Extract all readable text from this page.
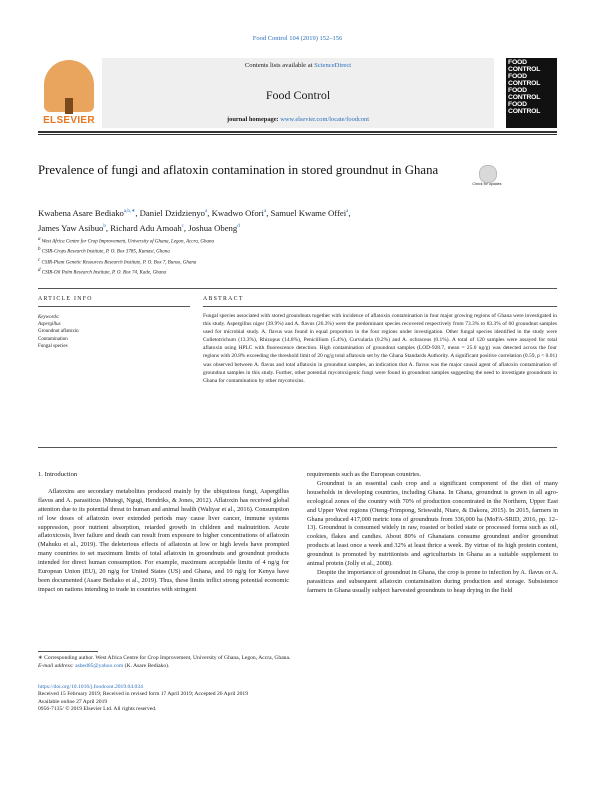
Food Control 104 (2019) 152–156
ELSEVIER
Contents lists available at ScienceDirect
Food Control
journal homepage: www.elsevier.com/locate/foodcont
FOOD
CONTROL
FOOD
CONTROL
FOOD
CONTROL
FOOD
CONTROL
Prevalence of fungi and aflatoxin contamination in stored groundnut in Ghana
Check for updates
Kwabena Asare Bediako$^{a,b,∗}$, Daniel Dzidzienyo$^a$, Kwadwo Ofori$^a$, Samuel Kwame Offei$^a$,
James Yaw Asibuo$^b$, Richard Adu Amoah$^c$, Joshua Obeng$^d$
$^a$ West Africa Centre for Crop Improvement, University of Ghana, Legon, Accra, Ghana
$^b$ CSIR-Crops Research Institute, P. O. Box 3785, Kumasi, Ghana
$^c$ CSIR-Plant Genetic Resources Research Institute, P. O. Box 7, Bunso, Ghana
$^d$ CSIR-Oil Palm Research Institute, P. O. Box 74, Kade, Ghana
ARTICLE INFO	ABSTRACT
Keywords:
Aspergillus
Groundnut aflatoxin
Contamination
Fungal species
Fungal species associated with stored groundnuts together with incidence of aflatoxin contamination in four major growing regions of Ghana were investigated in this study. Aspergillus niger (39.9%) and A. flavus (26.3%) were the predominant species recovered respectively from 73.3% to 83.3% of 60 groundnut samples used for microbial study. A. flavus was found in equal proportion in the four regions under investigation. Other fungal species identified in the study were Colletotrichum (13.3%), Rhizopus (14.8%), Penicillium (5.4%), Curvularia (0.2%) and A. ochraceus (0.1%). A total of 120 samples were assayed for total aflatoxin using HPLC with fluorescence detection. High contamination of groundnut samples (LOD-928.7, mean = 25.0 ng/g) was detected across the four regions with 20.8% exceeding the threshold limit of 20 ng/g total aflatoxin set by the Ghana Standards Authority. A significant positive correlation (0.59, p < 0.01) was observed between A. flavus and total aflatoxin in groundnut samples, an indication that A. flavus was the major causal agent of aflatoxin contamination of groundnut samples in this study. Further, other potential mycotoxigenic fungi were found in groundnut samples suggesting the need to investigate groundnuts in Ghana for contamination by other mycotoxins.
1. Introduction

Aflatoxins are secondary metabolites produced mainly by the ubiquitous fungi, Aspergillus flavus and A. parasiticus (Mutegi, Ngugi, Hendriks, & Jones, 2012). Aflatoxin has received global attention due to its potential threat to human and animal health (Waliyar et al., 2016). Consumption of low doses of aflatoxin over extended periods may cause liver cancer, immune systems suppression, poor nutrient absorption, retarded growth in children and malnutrition. Acute aflatoxicosis, liver failure and death can result from exposure to higher concentrations of aflatoxin (Mahuku et al., 2019). The deleterious effects of aflatoxin at low or high levels have prompted many countries to set maximum limits of total aflatoxin in groundnuts and groundnut products intended for direct human consumption. For example, maximum acceptable limits of 4 ng/g for European Union (EU), 20 ng/g for United States (US) and Ghana, and 10 ng/g for Kenya have been documented (Asare Bediako et al., 2019). Thus, these limits inflict strong potential economic impact on nations intending to trade in countries with stringent

requirements such as the European countries.

Groundnut is an essential cash crop and a significant component of the diet of many households in developing countries, including Ghana. In Ghana, groundnut is grown in all agro-ecological zones of the country with 70% of production concentrated in the Northern, Upper East and Upper West regions (Oteng-Frimpong, Sriswathi, Ntare, & Dakora, 2015). In 2015, farmers in Ghana produced 417,000 metric tons of groundnuts from 336,000 ha (MoFA-SRID, 2016, pp. 12–13). Groundnut is consumed widely in raw, roasted or boiled state or processed forms such as oil, cookies, flakes and candies. About 80% of Ghanaians consume groundnut and/or groundnut products at least once a week and 32% at least thrice a week. By virtue of its high protein content, groundnut is promoted by nutritionists and agriculturists in Ghana as a suitable supplement to animal protein (Jolly et al., 2008).

Despite the importance of groundnut in Ghana, the crop is prone to infection by A. flavus or A. parasiticus and subsequent aflatoxin contamination during production and storage. Subsistence farmers in Ghana usually subject harvested groundnuts to heap drying in the field

∗ Corresponding author. West Africa Centre for Crop Improvement, University of Ghana, Legon, Accra, Ghana.
E-mail address: asbed85@yahoo.com (K. Asare Bediako).
https://doi.org/10.1016/j.foodcont.2019.04.034
Received 15 February 2019; Received in revised form 17 April 2019; Accepted 26 April 2019
Available online 27 April 2019
0956-7135/ © 2019 Elsevier Ltd. All rights reserved.
